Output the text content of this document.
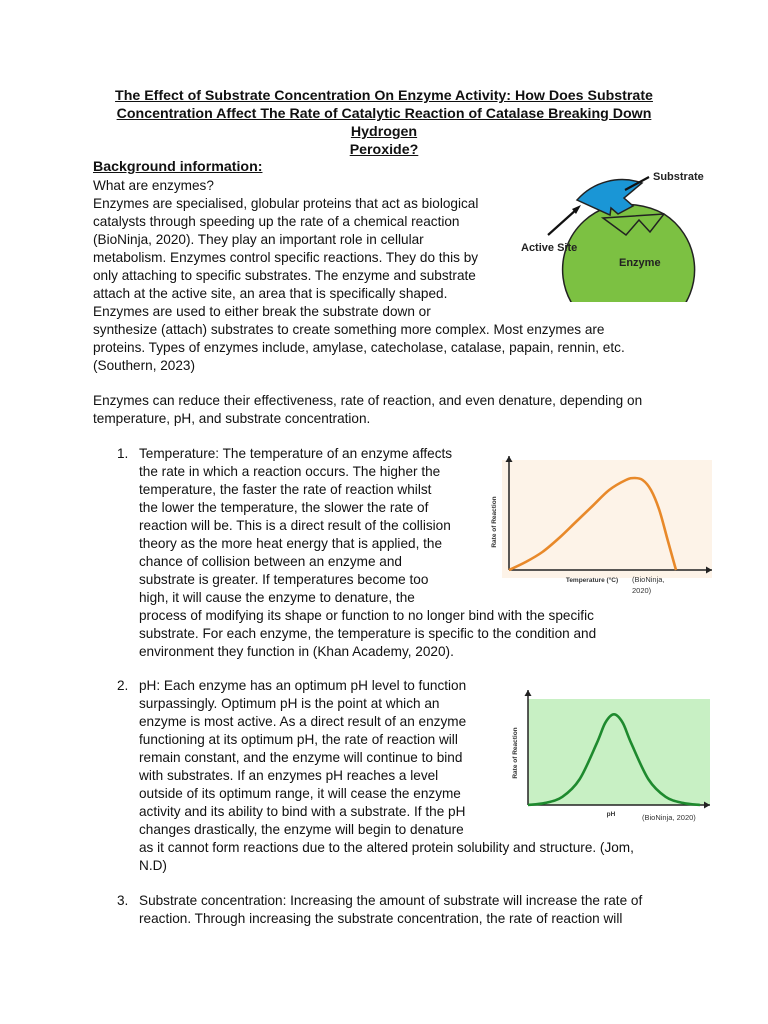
The Effect of Substrate Concentration On Enzyme Activity: How Does Substrate
Concentration Affect The Rate of Catalytic Reaction of Catalase Breaking Down Hydrogen
Peroxide?
Background information:
What are enzymes?
Enzymes are specialised, globular proteins that act as biological
catalysts through speeding up the rate of a chemical reaction
(BioNinja, 2020). They play an important role in cellular
metabolism. Enzymes control specific reactions. They do this by
only attaching to specific substrates. The enzyme and substrate
attach at the active site, an area that is specifically shaped.
Enzymes are used to either break the substrate down or
synthesize (attach) substrates to create something more complex. Most enzymes are
proteins. Types of enzymes include, amylase, catecholase, catalase, papain, rennin, etc.
(Southern, 2023)
Enzymes can reduce their effectiveness, rate of reaction, and even denature, depending on
temperature, pH, and substrate concentration.
Substrate
Active Site
Enzyme
1. Temperature: The temperature of an enzyme affects
the rate in which a reaction occurs. The higher the
temperature, the faster the rate of reaction whilst
the lower the temperature, the slower the rate of
reaction will be. This is a direct result of the collision
theory as the more heat energy that is applied, the
chance of collision between an enzyme and
substrate is greater. If temperatures become too
high, it will cause the enzyme to denature, the
process of modifying its shape or function to no longer bind with the specific
substrate. For each enzyme, the temperature is specific to the condition and
environment they function in (Khan Academy, 2020).
Rate of Reaction
Temperature (°C) (BioNinja,
2020)
2. pH: Each enzyme has an optimum pH level to function
surpassingly. Optimum pH is the point at which an
enzyme is most active. As a direct result of an enzyme
functioning at its optimum pH, the rate of reaction will
remain constant, and the enzyme will continue to bind
with substrates. If an enzymes pH reaches a level
outside of its optimum range, it will cease the enzyme
activity and its ability to bind with a substrate. If the pH
changes drastically, the enzyme will begin to denature
as it cannot form reactions due to the altered protein solubility and structure. (Jom,
N.D)
Rate of Reaction
pH	(BioNinja, 2020)
3. Substrate concentration: Increasing the amount of substrate will increase the rate of
reaction. Through increasing the substrate concentration, the rate of reaction will
